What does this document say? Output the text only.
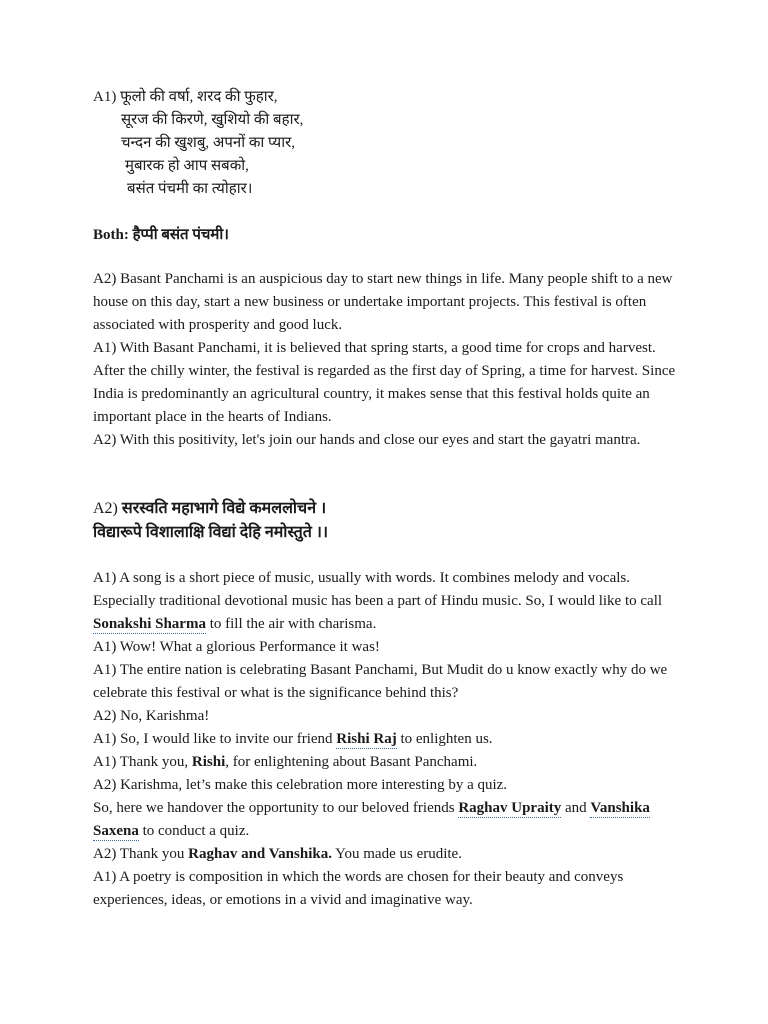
A1) फूलो की वर्षा, शरद की फुहार,
सूरज की किरणे, खुशियो की बहार,
चन्दन की खुशबु, अपनों का प्यार,
मुबारक हो आप सबको,
बसंत पंचमी का त्योहार।
Both: हैप्पी बसंत पंचमी।

A2) Basant Panchami is an auspicious day to start new things in life. Many people shift to a new house on this day, start a new business or undertake important projects. This festival is often associated with prosperity and good luck.

A1) With Basant Panchami, it is believed that spring starts, a good time for crops and harvest. After the chilly winter, the festival is regarded as the first day of Spring, a time for harvest. Since India is predominantly an agricultural country, it makes sense that this festival holds quite an important place in the hearts of Indians.

A2) With this positivity, let's join our hands and close our eyes and start the gayatri mantra.

A2) सरस्वति महाभागे विद्ये कमललोचने ।
विद्यारूपे विशालाक्षि विद्यां देहि नमोस्तुते ।।

A1) A song is a short piece of music, usually with words. It combines melody and vocals. Especially traditional devotional music has been a part of Hindu music. So, I would like to call Sonakshi Sharma to fill the air with charisma.

A1) Wow! What a glorious Performance it was!

A1) The entire nation is celebrating Basant Panchami, But Mudit do u know exactly why do we celebrate this festival or what is the significance behind this?

A2) No, Karishma!

A1) So, I would like to invite our friend Rishi Raj to enlighten us.

A1) Thank you, Rishi, for enlightening about Basant Panchami.

A2) Karishma, let’s make this celebration more interesting by a quiz.

So, here we handover the opportunity to our beloved friends Raghav Upraity and Vanshika Saxena to conduct a quiz.

A2) Thank you Raghav and Vanshika. You made us erudite.

A1) A poetry is composition in which the words are chosen for their beauty and conveys experiences, ideas, or emotions in a vivid and imaginative way.
